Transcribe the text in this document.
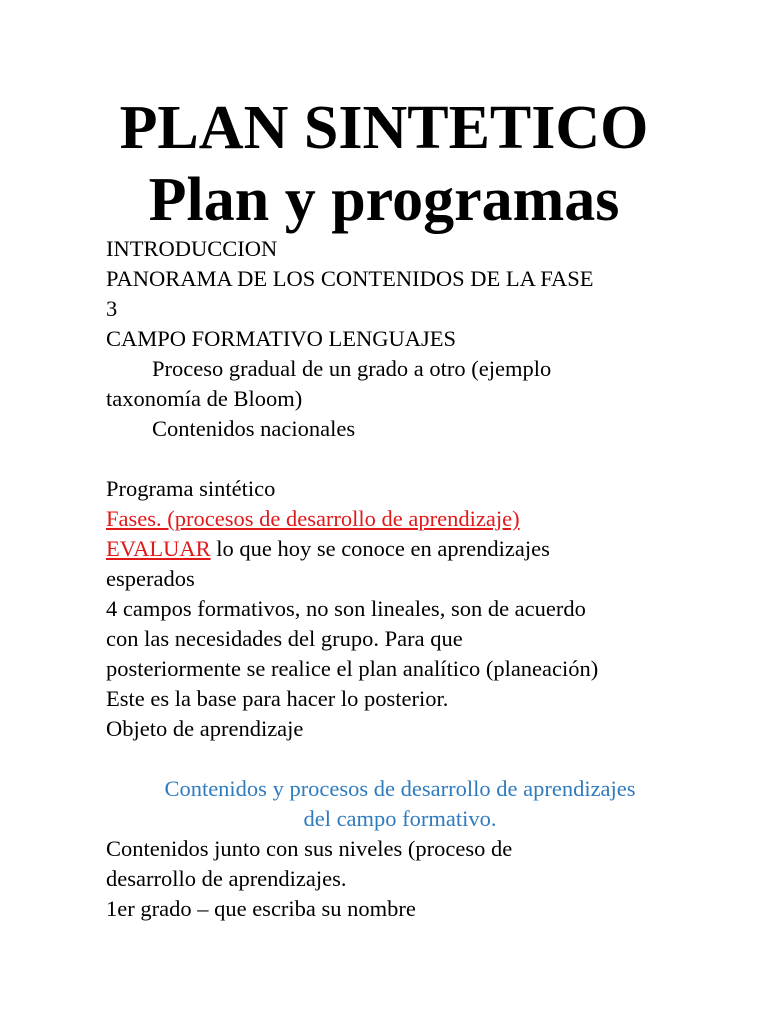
PLAN SINTETICO
Plan y programas
INTRODUCCION
PANORAMA DE LOS CONTENIDOS DE LA FASE
3
CAMPO FORMATIVO LENGUAJES
Proceso gradual de un grado a otro (ejemplo
taxonomía de Bloom)
Contenidos nacionales
Programa sintético
Fases. (procesos de desarrollo de aprendizaje)
EVALUAR lo que hoy se conoce en aprendizajes
esperados
4 campos formativos, no son lineales, son de acuerdo
con las necesidades del grupo. Para que
posteriormente se realice el plan analítico (planeación)
Este es la base para hacer lo posterior.
Objeto de aprendizaje
Contenidos y procesos de desarrollo de aprendizajes
del campo formativo.
Contenidos junto con sus niveles (proceso de
desarrollo de aprendizajes.
1er grado – que escriba su nombre
